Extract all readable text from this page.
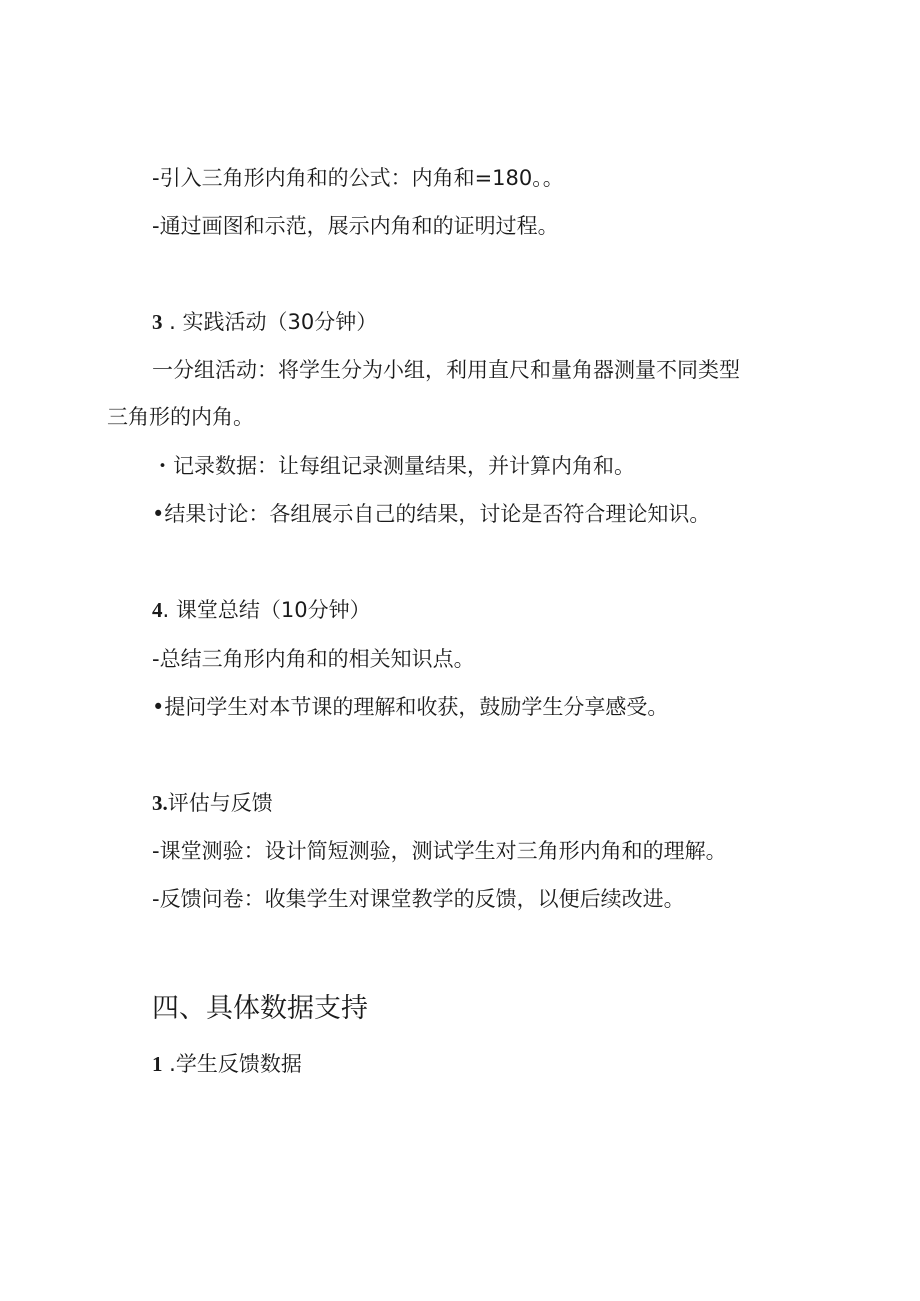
-引入三角形内角和的公式：内角和=180。。
-通过画图和示范，展示内角和的证明过程。
3 . 实践活动（30分钟）
一分组活动：将学生分为小组，利用直尺和量角器测量不同类型
三角形的内角。
・记录数据：让每组记录测量结果，并计算内角和。
•结果讨论：各组展示自己的结果，讨论是否符合理论知识。
4. 课堂总结（10分钟）
-总结三角形内角和的相关知识点。
•提问学生对本节课的理解和收获，鼓励学生分享感受。
3.评估与反馈
-课堂测验：设计简短测验，测试学生对三角形内角和的理解。
-反馈问卷：收集学生对课堂教学的反馈，以便后续改进。
四、具体数据支持
1 .学生反馈数据
